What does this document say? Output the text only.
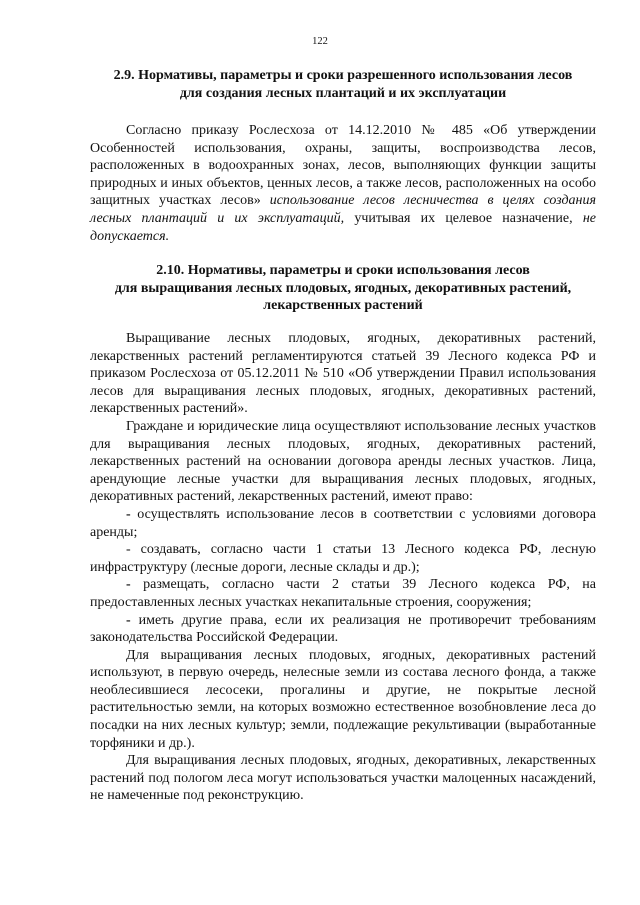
122
2.9. Нормативы, параметры и сроки разрешенного использования лесов
для создания лесных плантаций и их эксплуатации

Согласно приказу Рослесхоза от 14.12.2010 № 485 «Об утверждении Особенностей использования, охраны, защиты, воспроизводства лесов, расположенных в водоохранных зонах, лесов, выполняющих функции защиты природных и иных объектов, ценных лесов, а также лесов, расположенных на особо защитных участках лесов» использование лесов лесничества в целях создания лесных плантаций и их эксплуатаций, учитывая их целевое назначение, не допускается.

2.10. Нормативы, параметры и сроки использования лесов
для выращивания лесных плодовых, ягодных, декоративных растений,
лекарственных растений

Выращивание лесных плодовых, ягодных, декоративных растений, лекарственных растений регламентируются статьей 39 Лесного кодекса РФ и приказом Рослесхоза от 05.12.2011 № 510 «Об утверждении Правил использования лесов для выращивания лесных плодовых, ягодных, декоративных растений, лекарственных растений».

Граждане и юридические лица осуществляют использование лесных участков для выращивания лесных плодовых, ягодных, декоративных растений, лекарственных растений на основании договора аренды лесных участков. Лица, арендующие лесные участки для выращивания лесных плодовых, ягодных, декоративных растений, лекарственных растений, имеют право:

- осуществлять использование лесов в соответствии с условиями договора аренды;

- создавать, согласно части 1 статьи 13 Лесного кодекса РФ, лесную инфраструктуру (лесные дороги, лесные склады и др.);

- размещать, согласно части 2 статьи 39 Лесного кодекса РФ, на предоставленных лесных участках некапитальные строения, сооружения;

- иметь другие права, если их реализация не противоречит требованиям законодательства Российской Федерации.

Для выращивания лесных плодовых, ягодных, декоративных растений используют, в первую очередь, нелесные земли из состава лесного фонда, а также необлесившиеся лесосеки, прогалины и другие, не покрытые лесной растительностью земли, на которых возможно естественное возобновление леса до посадки на них лесных культур; земли, подлежащие рекультивации (выработанные торфяники и др.).

Для выращивания лесных плодовых, ягодных, декоративных, лекарственных растений под пологом леса могут использоваться участки малоценных насаждений, не намеченные под реконструкцию.
